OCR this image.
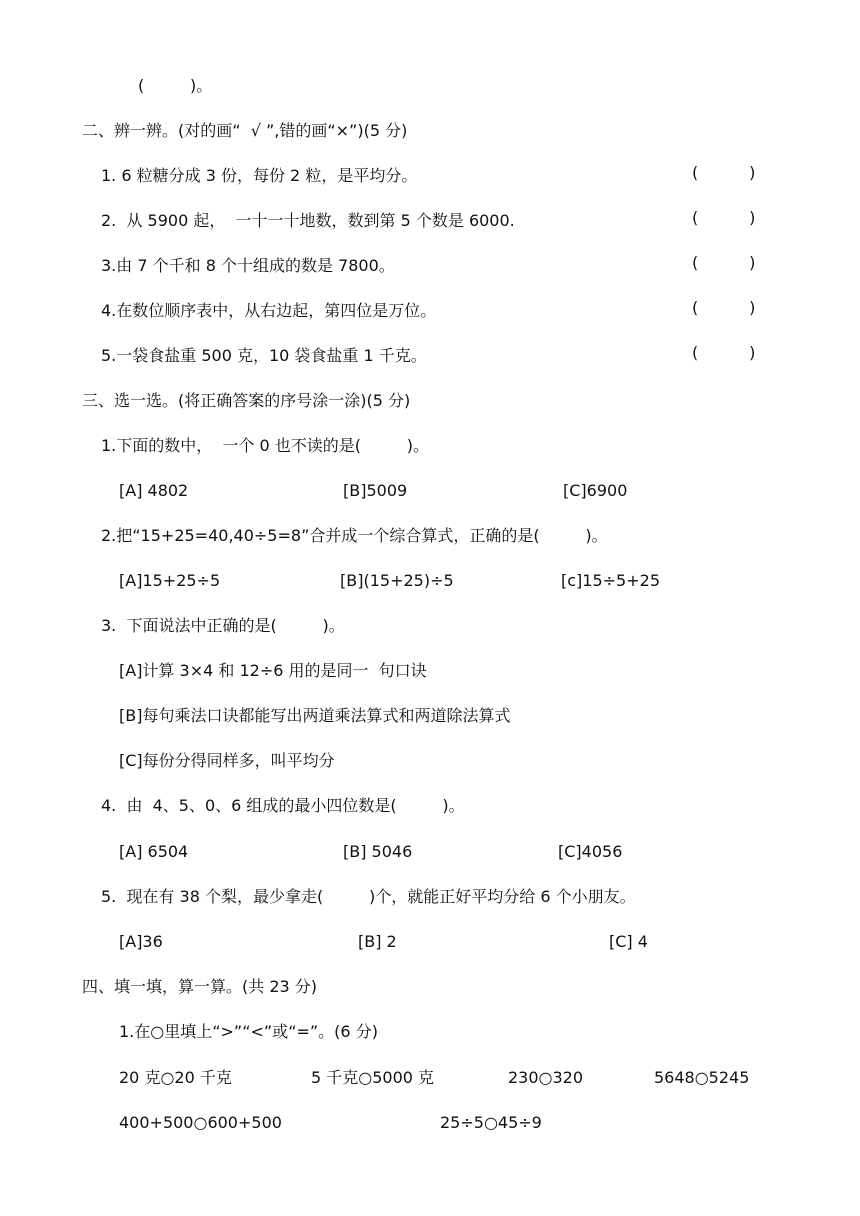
(         )。
二、辨一辨。(对的画“  √ ”,错的画“×”)(5 分)
1. 6 粒糖分成 3 份，每份 2 粒，是平均分。	(          )
2.  从 5900 起，  一十一十地数，数到第 5 个数是 6000.	(          )
3.由 7 个千和 8 个十组成的数是 7800。	(          )
4.在数位顺序表中，从右边起，第四位是万位。	(          )
5.一袋食盐重 500 克，10 袋食盐重 1 千克。	(          )
三、选一选。(将正确答案的序号涂一涂)(5 分)
1.下面的数中，  一个 0 也不读的是(         )。
[A] 4802	[B]5009	[C]6900
2.把“15+25=40,40÷5=8”合并成一个综合算式，正确的是(         )。
[A]15+25÷5	[B](15+25)÷5	[c]15÷5+25
3.  下面说法中正确的是(         )。
[A]计算 3×4 和 12÷6 用的是同一  句口诀
[B]每句乘法口诀都能写出两道乘法算式和两道除法算式
[C]每份分得同样多，叫平均分
4.  由  4、5、0、6 组成的最小四位数是(         )。
[A] 6504	[B] 5046	[C]4056
5.  现在有 38 个梨，最少拿走(         )个，就能正好平均分给 6 个小朋友。
[A]36	[B] 2	[C] 4
四、填一填，算一算。(共 23 分)
1.在○里填上“>”“<”或“=”。(6 分)
20 克○20 千克	5 千克○5000 克	230○320	5648○5245
400+500○600+500	25÷5○45÷9
